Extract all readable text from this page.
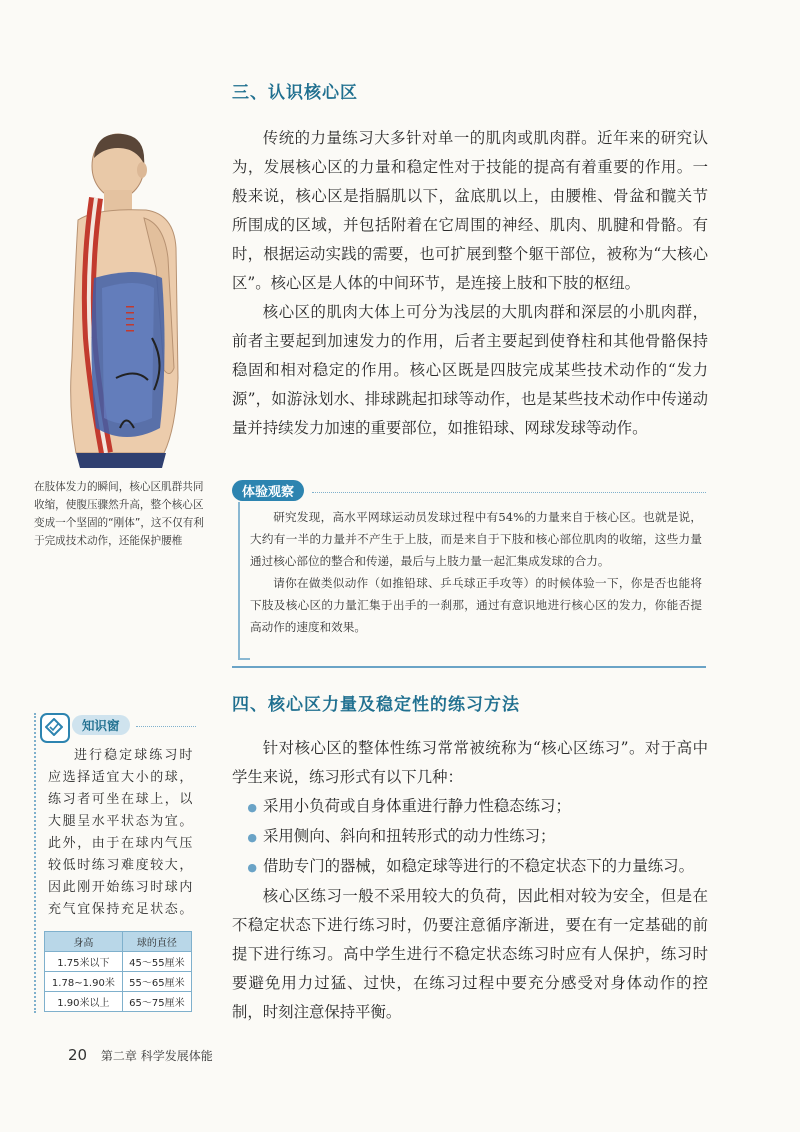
三、认识核心区

传统的力量练习大多针对单一的肌肉或肌肉群。近年来的研究认为，发展核心区的力量和稳定性对于技能的提高有着重要的作用。一般来说，核心区是指膈肌以下，盆底肌以上，由腰椎、骨盆和髋关节所围成的区域，并包括附着在它周围的神经、肌肉、肌腱和骨骼。有时，根据运动实践的需要，也可扩展到整个躯干部位，被称为“大核心区”。核心区是人体的中间环节，是连接上肢和下肢的枢纽。

核心区的肌肉大体上可分为浅层的大肌肉群和深层的小肌肉群，前者主要起到加速发力的作用，后者主要起到使脊柱和其他骨骼保持稳固和相对稳定的作用。核心区既是四肢完成某些技术动作的“发力源”，如游泳划水、排球跳起扣球等动作，也是某些技术动作中传递动量并持续发力加速的重要部位，如推铅球、网球发球等动作。

在肢体发力的瞬间，核心区肌群共同收缩，使腹压骤然升高，整个核心区变成一个坚固的“刚体”，这不仅有利于完成技术动作，还能保护腰椎
体验观察

研究发现，高水平网球运动员发球过程中有54%的力量来自于核心区。也就是说，大约有一半的力量并不产生于上肢，而是来自于下肢和核心部位肌肉的收缩，这些力量通过核心部位的整合和传递，最后与上肢力量一起汇集成发球的合力。

请你在做类似动作（如推铅球、乒乓球正手攻等）的时候体验一下，你是否也能将下肢及核心区的力量汇集于出手的一刹那，通过有意识地进行核心区的发力，你能否提高动作的速度和效果。

四、核心区力量及稳定性的练习方法

针对核心区的整体性练习常常被统称为“核心区练习”。对于高中学生来说，练习形式有以下几种：

● 采用小负荷或自身体重进行静力性稳态练习；
● 采用侧向、斜向和扭转形式的动力性练习；
● 借助专门的器械，如稳定球等进行的不稳定状态下的力量练习。

核心区练习一般不采用较大的负荷，因此相对较为安全，但是在不稳定状态下进行练习时，仍要注意循序渐进，要在有一定基础的前提下进行练习。高中学生进行不稳定状态练习时应有人保护，练习时要避免用力过猛、过快，在练习过程中要充分感受对身体动作的控制，时刻注意保持平衡。

知识窗

进行稳定球练习时应选择适宜大小的球，练习者可坐在球上，以大腿呈水平状态为宜。此外，由于在球内气压较低时练习难度较大，因此刚开始练习时球内充气宜保持充足状态。

身高	球的直径
1.75米以下	45～55厘米
1.78~1.90米	55～65厘米
1.90米以上	65～75厘米
20 第二章 科学发展体能
